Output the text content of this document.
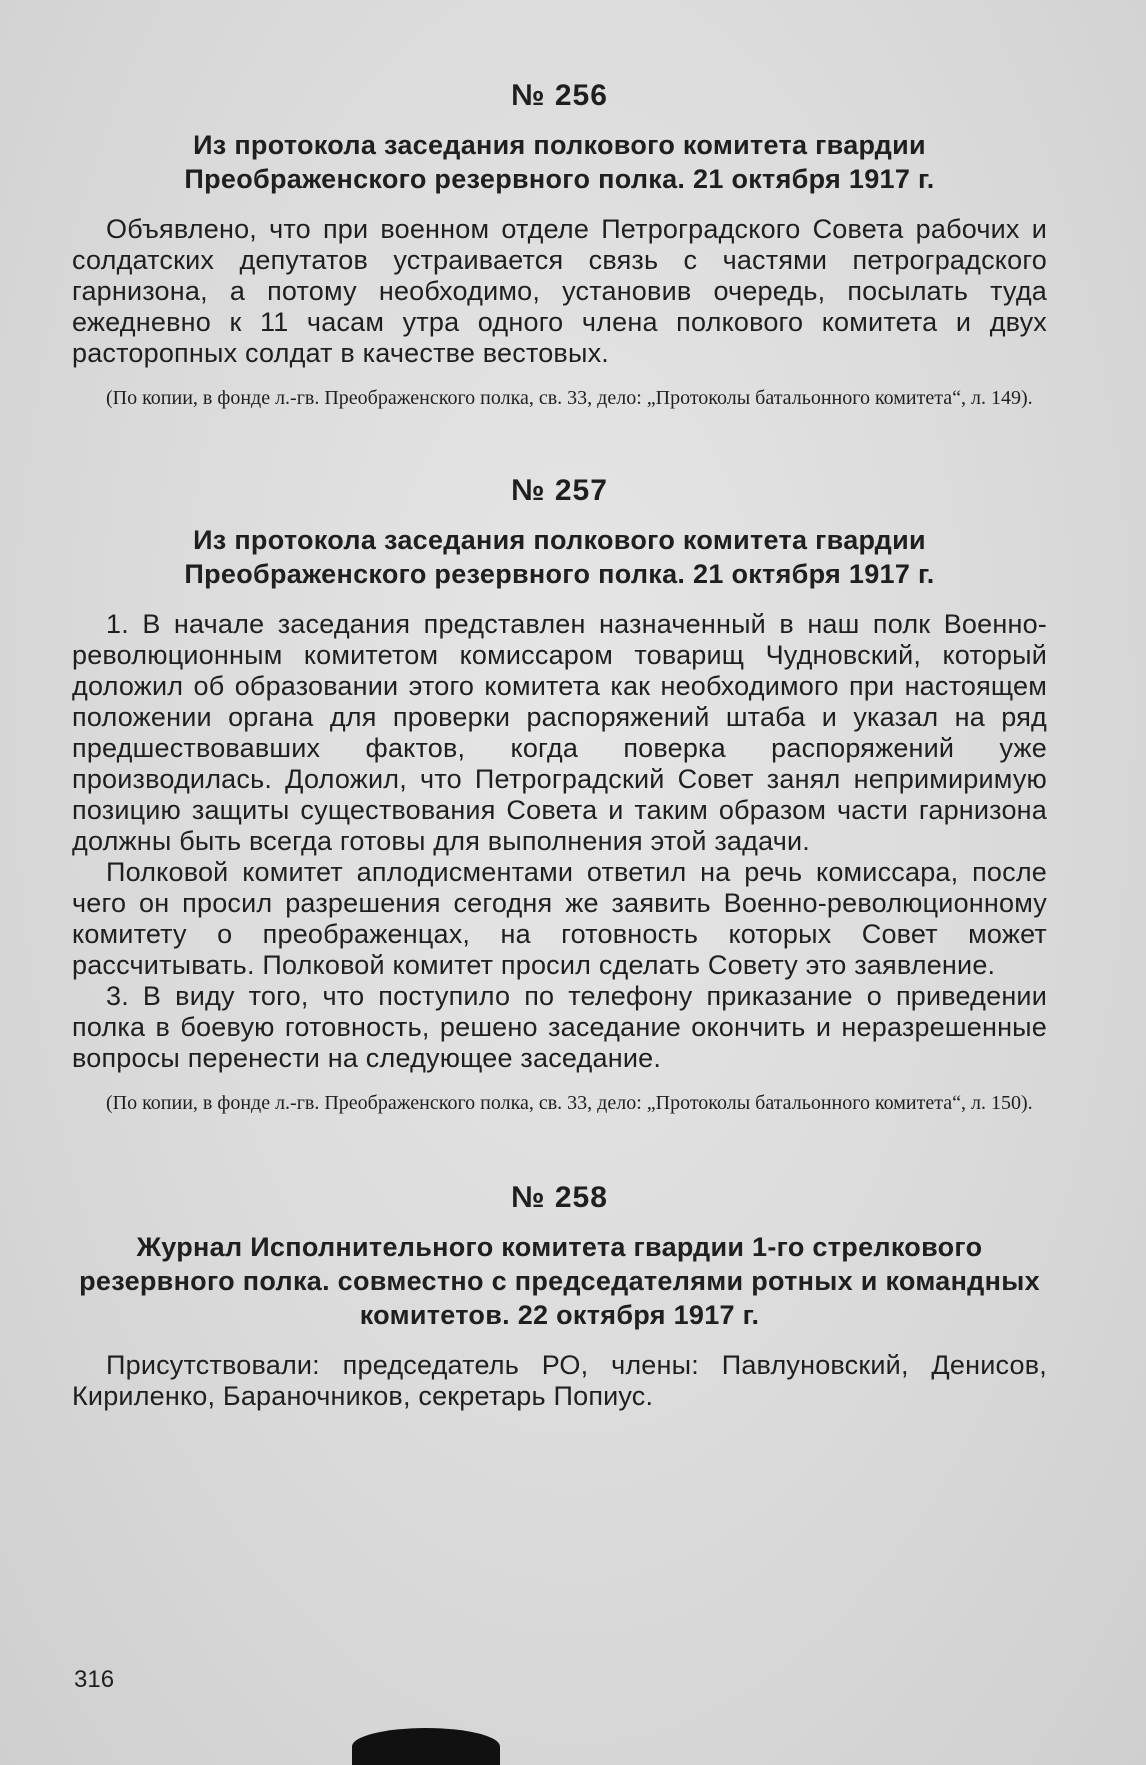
№ 256
Из протокола заседания полкового комитета гвардии Преображенского резервного полка. 21 октября 1917 г.

Объявлено, что при военном отделе Петроградского Совета рабочих и солдатских депутатов устраивается связь с частями петроградского гарнизона, а потому необходимо, установив очередь, посылать туда ежедневно к 11 часам утра одного члена полкового комитета и двух расторопных солдат в качестве вестовых.

(По копии, в фонде л.-гв. Преображенского полка, св. 33, дело: „Протоколы батальонного комитета“, л. 149).

№ 257
Из протокола заседания полкового комитета гвардии Преображенского резервного полка. 21 октября 1917 г.

1. В начале заседания представлен назначенный в наш полк Военно-революционным комитетом комиссаром товарищ Чудновский, который доложил об образовании этого комитета как необходимого при настоящем положении органа для проверки распоряжений штаба и указал на ряд предшествовавших фактов, когда поверка распоряжений уже производилась. Доложил, что Петроградский Совет занял непримиримую позицию защиты существования Совета и таким образом части гарнизона должны быть всегда готовы для выполнения этой задачи.

Полковой комитет аплодисментами ответил на речь комиссара, после чего он просил разрешения сегодня же заявить Военно-революционному комитету о преображенцах, на готовность которых Совет может рассчитывать. Полковой комитет просил сделать Совету это заявление.

3. В виду того, что поступило по телефону приказание о приведении полка в боевую готовность, решено заседание окончить и неразрешенные вопросы перенести на следующее заседание.

(По копии, в фонде л.-гв. Преображенского полка, св. 33, дело: „Протоколы батальонного комитета“, л. 150).

№ 258
Журнал Исполнительного комитета гвардии 1-го стрелкового резервного полка. совместно с председателями ротных и командных комитетов. 22 октября 1917 г.

Присутствовали: председатель РО, члены: Павлуновский, Денисов, Кириленко, Бараночников, секретарь Попиус.

316
